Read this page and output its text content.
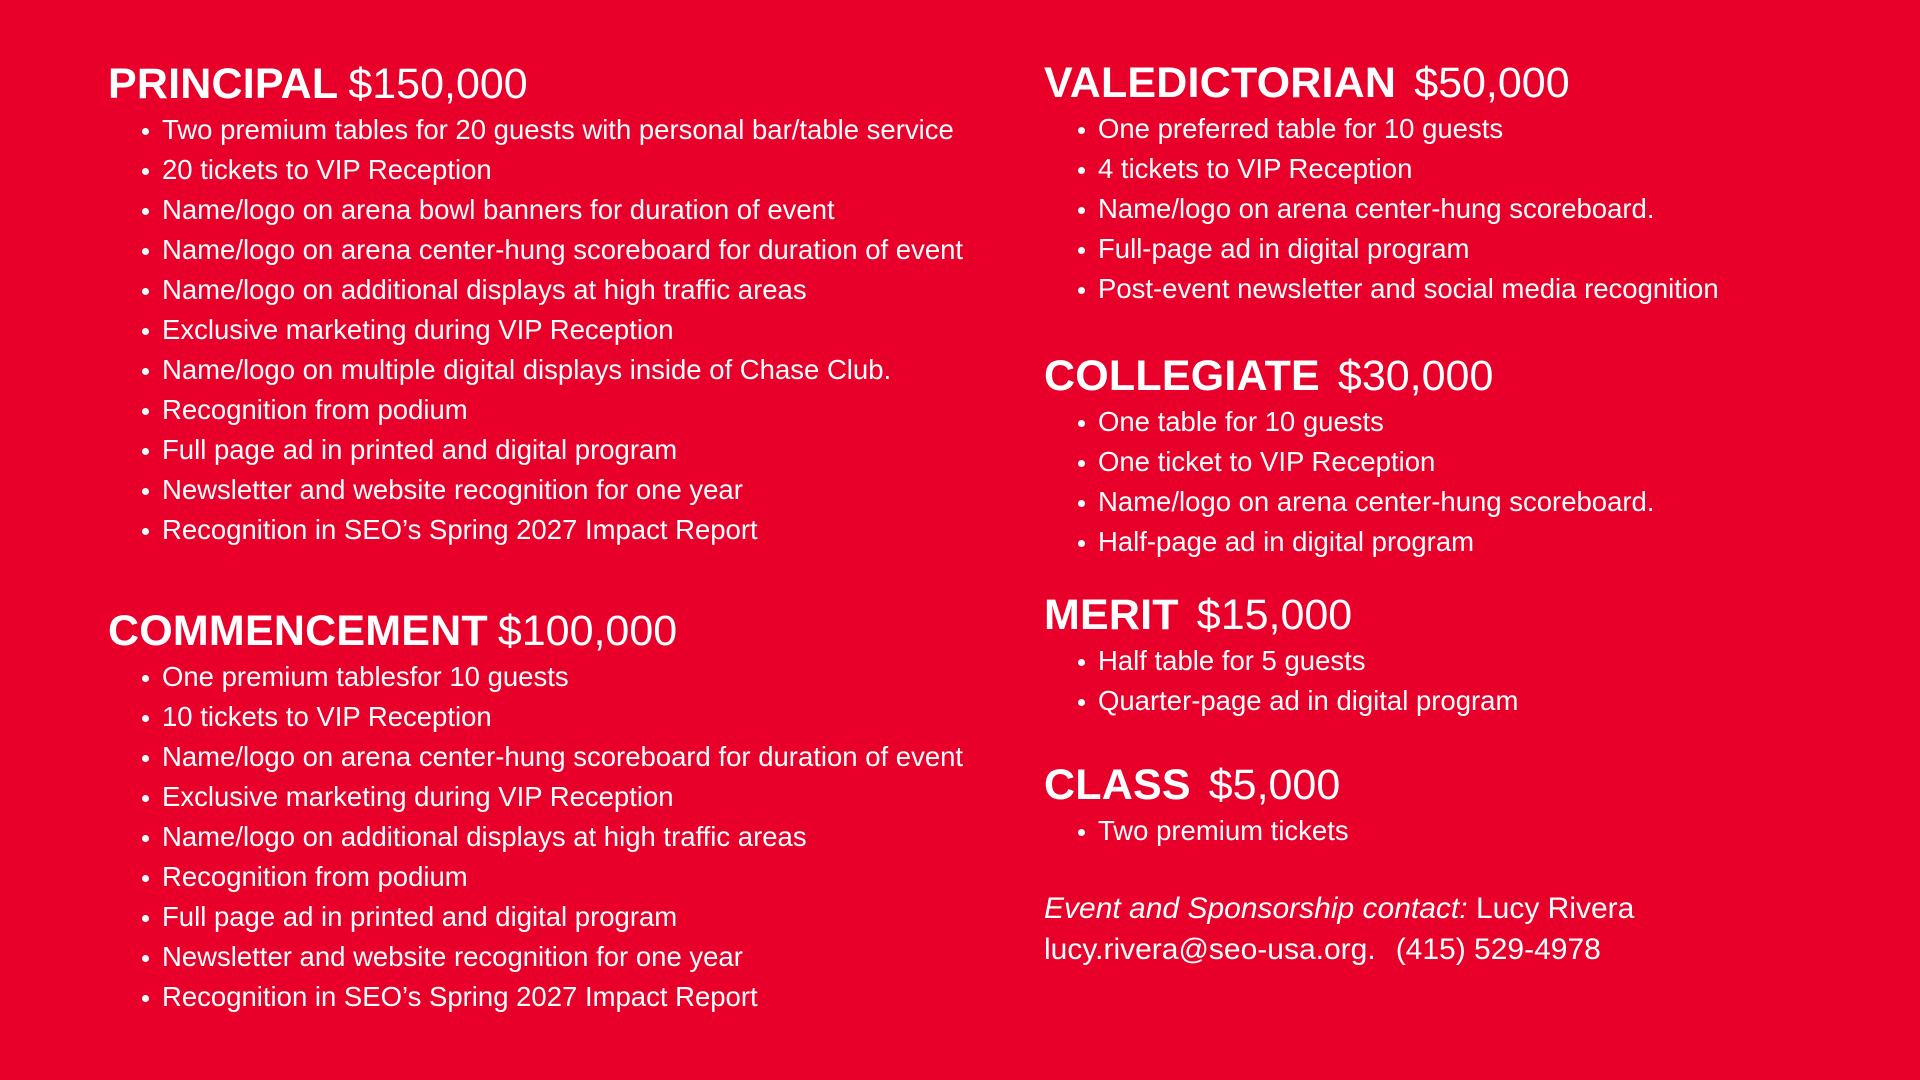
PRINCIPAL $150,000
Two premium tables for 20 guests with personal bar/table service
20 tickets to VIP Reception
Name/logo on arena bowl banners for duration of event
Name/logo on arena center-hung scoreboard for duration of event
Name/logo on additional displays at high traffic areas
Exclusive marketing during VIP Reception
Name/logo on multiple digital displays inside of Chase Club.
Recognition from podium
Full page ad in printed and digital program
Newsletter and website recognition for one year
Recognition in SEO’s Spring 2027 Impact Report
COMMENCEMENT $100,000
One premium tablesfor 10 guests
10 tickets to VIP Reception
Name/logo on arena center-hung scoreboard for duration of event
Exclusive marketing during VIP Reception
Name/logo on additional displays at high traffic areas
Recognition from podium
Full page ad in printed and digital program
Newsletter and website recognition for one year
Recognition in SEO’s Spring 2027 Impact Report
VALEDICTORIAN $50,000
One preferred table for 10 guests
4 tickets to VIP Reception
Name/logo on arena center-hung scoreboard.
Full-page ad in digital program
Post-event newsletter and social media recognition
COLLEGIATE $30,000
One table for 10 guests
One ticket to VIP Reception
Name/logo on arena center-hung scoreboard.
Half-page ad in digital program
MERIT $15,000
Half table for 5 guests
Quarter-page ad in digital program
CLASS $5,000
Two premium tickets
Event and Sponsorship contact: Lucy Rivera
lucy.rivera@seo-usa.org. (415) 529-4978
